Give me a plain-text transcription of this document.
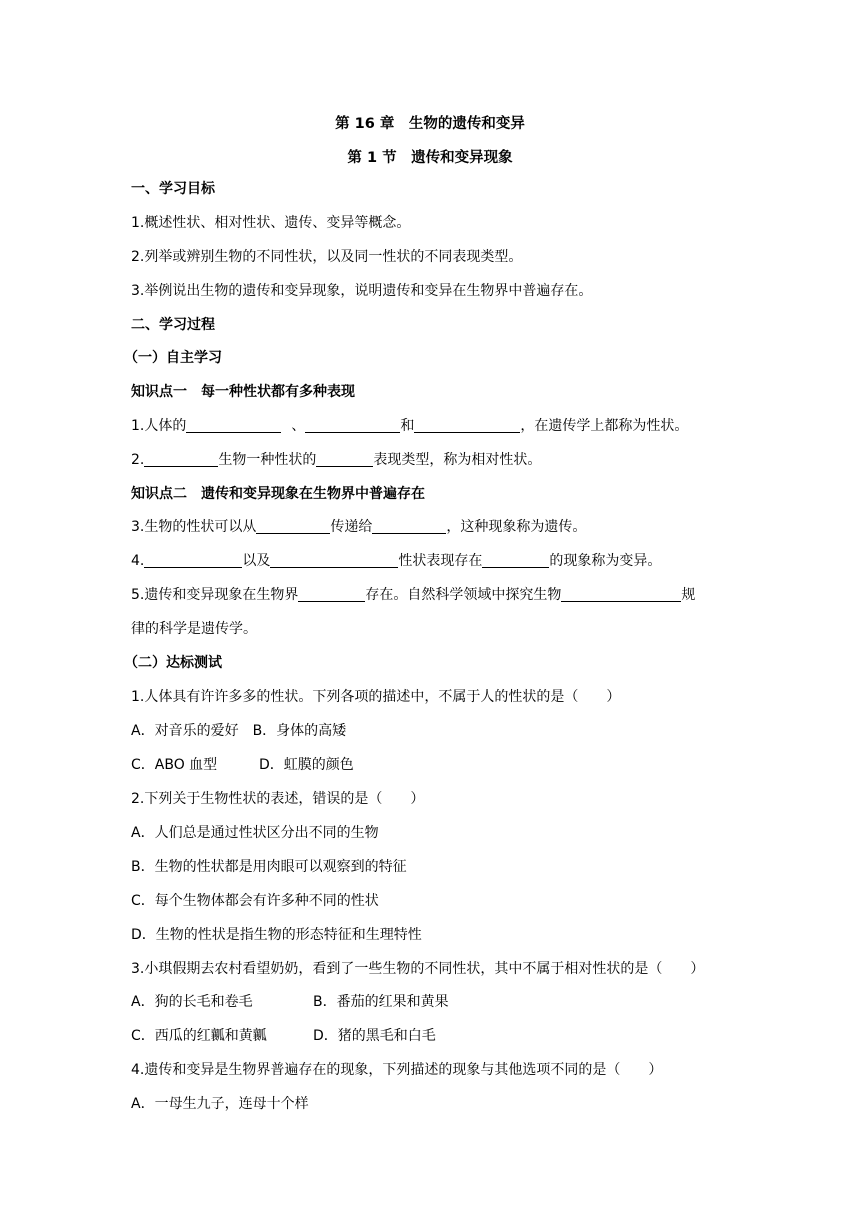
第 16 章　生物的遗传和变异
第 1 节　遗传和变异现象
一、学习目标
1.概述性状、相对性状、遗传、变异等概念。
2.列举或辨别生物的不同性状，以及同一性状的不同表现类型。
3.举例说出生物的遗传和变异现象，说明遗传和变异在生物界中普遍存在。
二、学习过程
（一）自主学习
知识点一　每一种性状都有多种表现
1.人体的	、	和	，在遗传学上都称为性状。
2.	生物一种性状的	表现类型，称为相对性状。
知识点二　遗传和变异现象在生物界中普遍存在
3.生物的性状可以从	传递给	，这种现象称为遗传。
4.	以及	性状表现存在	的现象称为变异。
5.遗传和变异现象在生物界	存在。自然科学领域中探究生物	规
律的科学是遗传学。
（二）达标测试
1.人体具有许许多多的性状。下列各项的描述中，不属于人的性状的是（　　）
A．对音乐的爱好 B．身体的高矮
C．ABO 血型	D．虹膜的颜色
2.下列关于生物性状的表述，错误的是（　　）
A．人们总是通过性状区分出不同的生物
B．生物的性状都是用肉眼可以观察到的特征
C．每个生物体都会有许多种不同的性状
D．生物的性状是指生物的形态特征和生理特性
3.小琪假期去农村看望奶奶，看到了一些生物的不同性状，其中不属于相对性状的是（　　）
A．狗的长毛和卷毛	B．番茄的红果和黄果
C．西瓜的红瓤和黄瓤	D．猪的黑毛和白毛
4.遗传和变异是生物界普遍存在的现象，下列描述的现象与其他选项不同的是（　　）
A．一母生九子，连母十个样
